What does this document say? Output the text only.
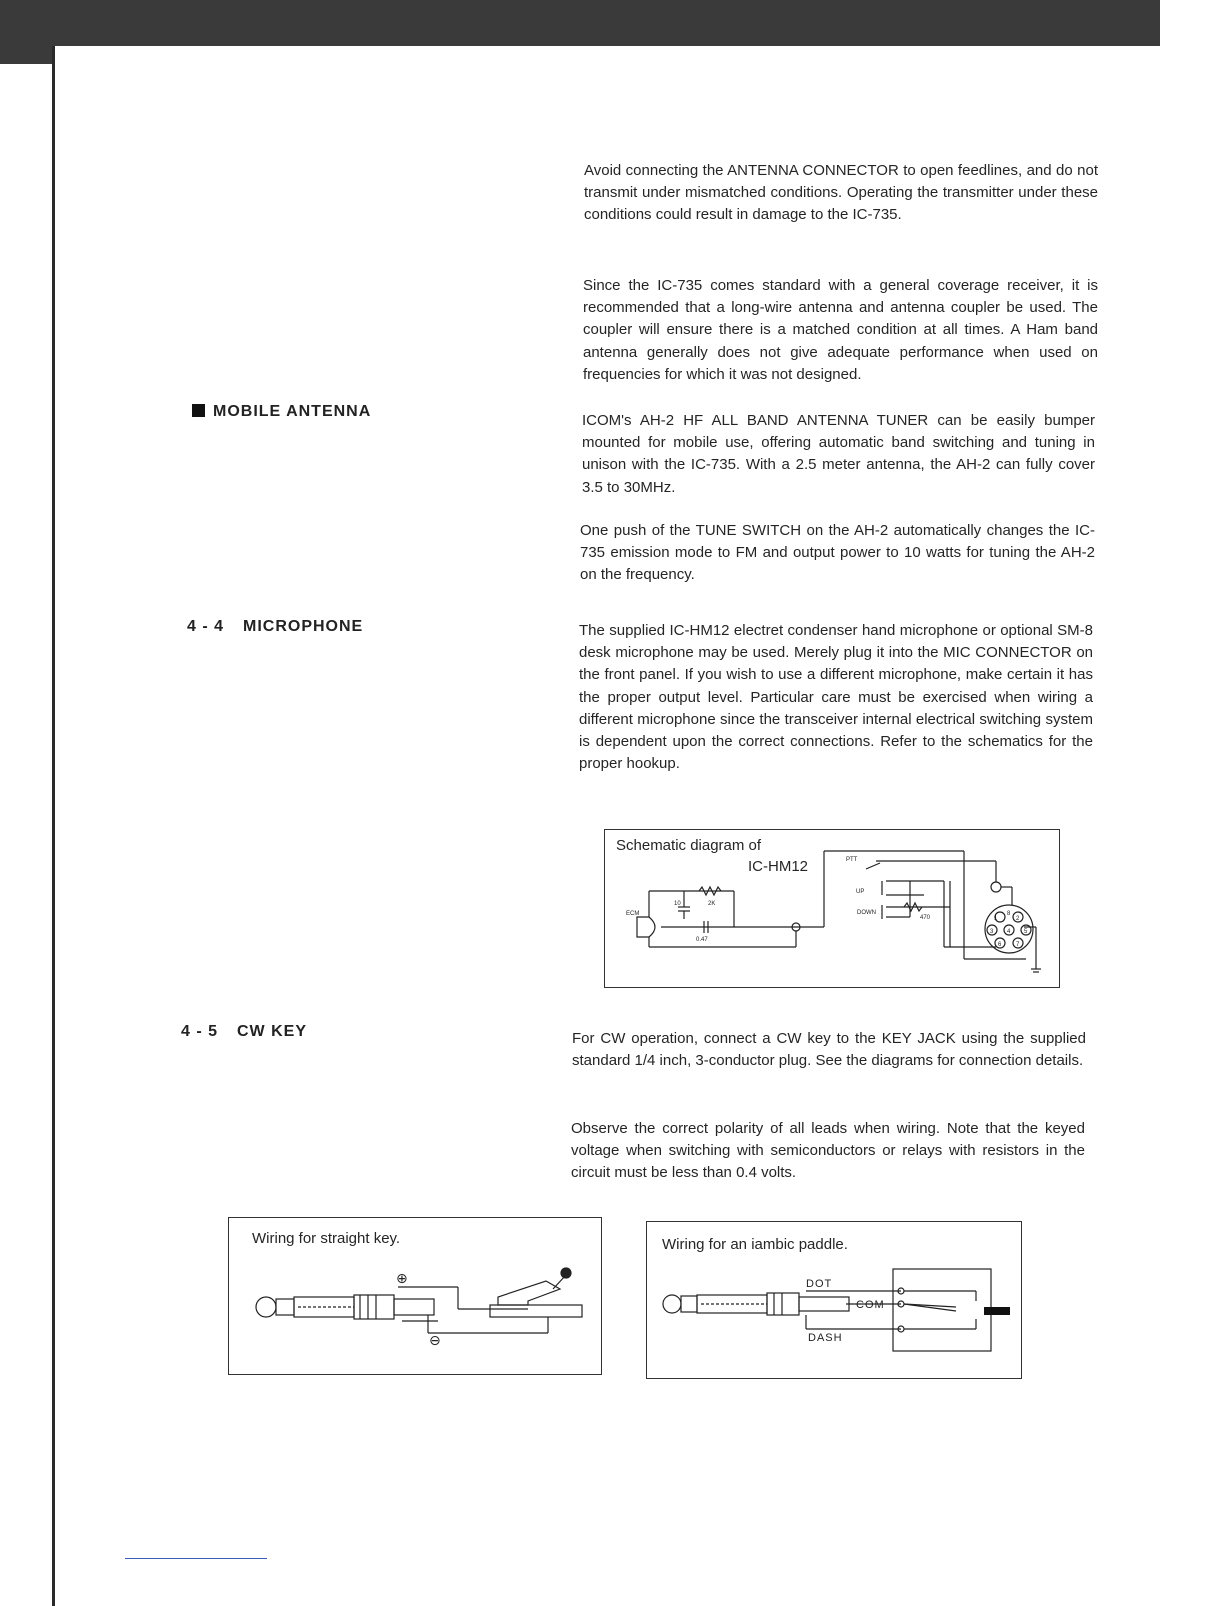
Avoid connecting the ANTENNA CONNECTOR to open feedlines, and do not transmit under mismatched conditions. Operating the transmitter under these conditions could result in damage to the IC-735.
Since the IC-735 comes standard with a general coverage receiver, it is recommended that a long-wire antenna and antenna coupler be used. The coupler will ensure there is a matched condition at all times. A Ham band antenna generally does not give adequate performance when used on frequencies for which it was not designed.
MOBILE ANTENNA
ICOM's AH-2 HF ALL BAND ANTENNA TUNER can be easily bumper mounted for mobile use, offering automatic band switching and tuning in unison with the IC-735. With a 2.5 meter antenna, the AH-2 can fully cover 3.5 to 30MHz.
One push of the TUNE SWITCH on the AH-2 automatically changes the IC-735 emission mode to FM and output power to 10 watts for tuning the AH-2 on the frequency.
4 - 4 MICROPHONE	The supplied IC-HM12 electret condenser hand microphone or optional SM-8 desk microphone may be used. Merely plug it into the MIC CONNECTOR on the front panel. If you wish to use a different microphone, make certain it has the proper output level. Particular care must be exercised when wiring a different microphone since the transceiver internal electrical switching system is dependent upon the correct connections. Refer to the schematics for the proper hookup.
Schematic diagram of
IC-HM12	PTT
UP
DOWN
ECM
2K
10
0.47
470	1	2
3 4 5
6 7
8
4 - 5 CW KEY	For CW operation, connect a CW key to the KEY JACK using the supplied standard 1/4 inch, 3-conductor plug. See the diagrams for connection details.
Observe the correct polarity of all leads when wiring. Note that the keyed voltage when switching with semiconductors or relays with resistors in the circuit must be less than 0.4 volts.
Wiring for straight key.
⊕
⊖
Wiring for an iambic paddle.
DOT
COM
DASH
